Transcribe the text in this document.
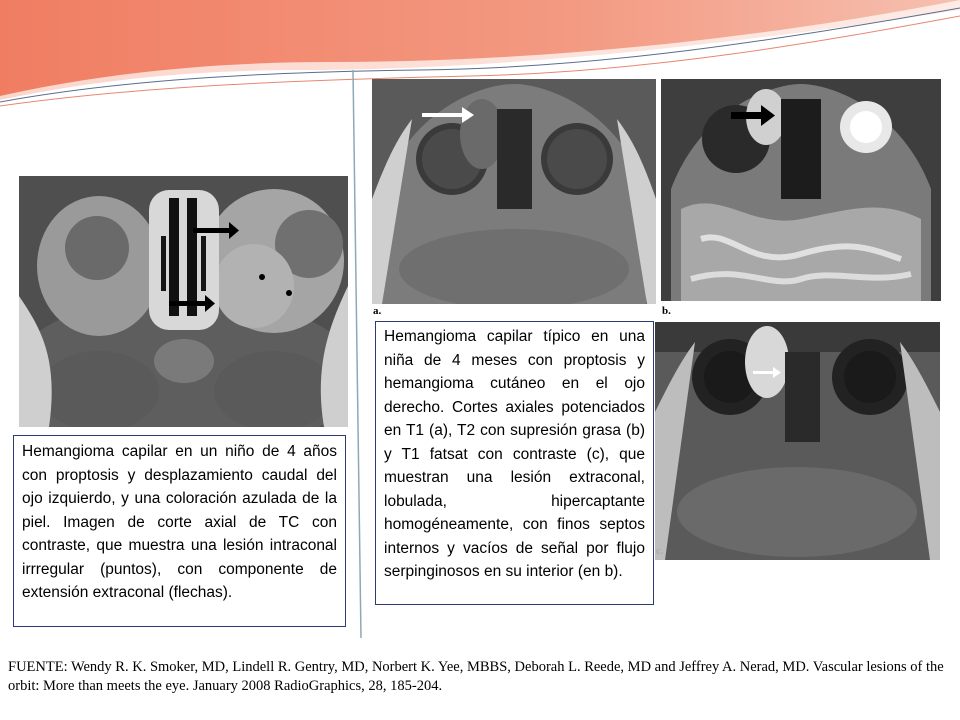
a.	b.
c.

Hemangioma capilar en un niño de 4 años con proptosis y desplazamiento caudal del ojo izquierdo, y una coloración azulada de la piel. Imagen de corte axial de TC con contraste, que muestra una lesión intraconal irrregular (puntos), con componente de extensión extraconal (flechas).

Hemangioma capilar típico en una niña de 4 meses con proptosis y hemangioma cutáneo en el ojo derecho. Cortes axiales potenciados en T1 (a), T2 con supresión grasa (b) y T1 fatsat con contraste (c), que muestran una lesión extraconal, lobulada, hipercaptante homogéneamente, con finos septos internos y vacíos de señal por flujo serpinginosos en su interior (en b).

FUENTE: Wendy R. K. Smoker, MD, Lindell R. Gentry, MD, Norbert K. Yee, MBBS, Deborah L. Reede, MD and Jeffrey A. Nerad, MD. Vascular lesions of the orbit: More than meets the eye. January 2008 RadioGraphics, 28, 185-204.
